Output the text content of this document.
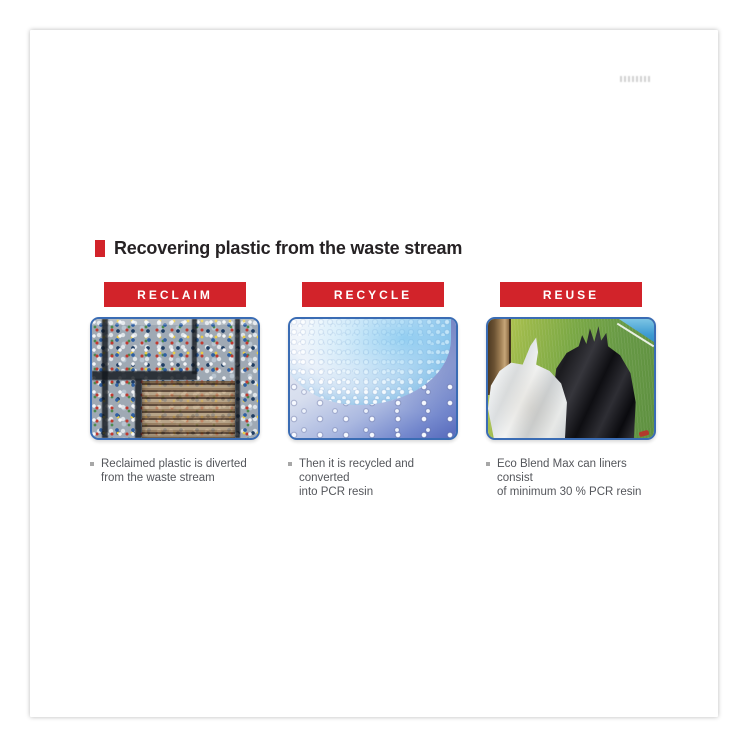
Recovering plastic from the waste stream
RECLAIM
Reclaimed plastic is diverted
from the waste stream
RECYCLE
Then it is recycled and converted
into PCR resin
REUSE
Eco Blend Max can liners consist
of minimum 30 % PCR resin
